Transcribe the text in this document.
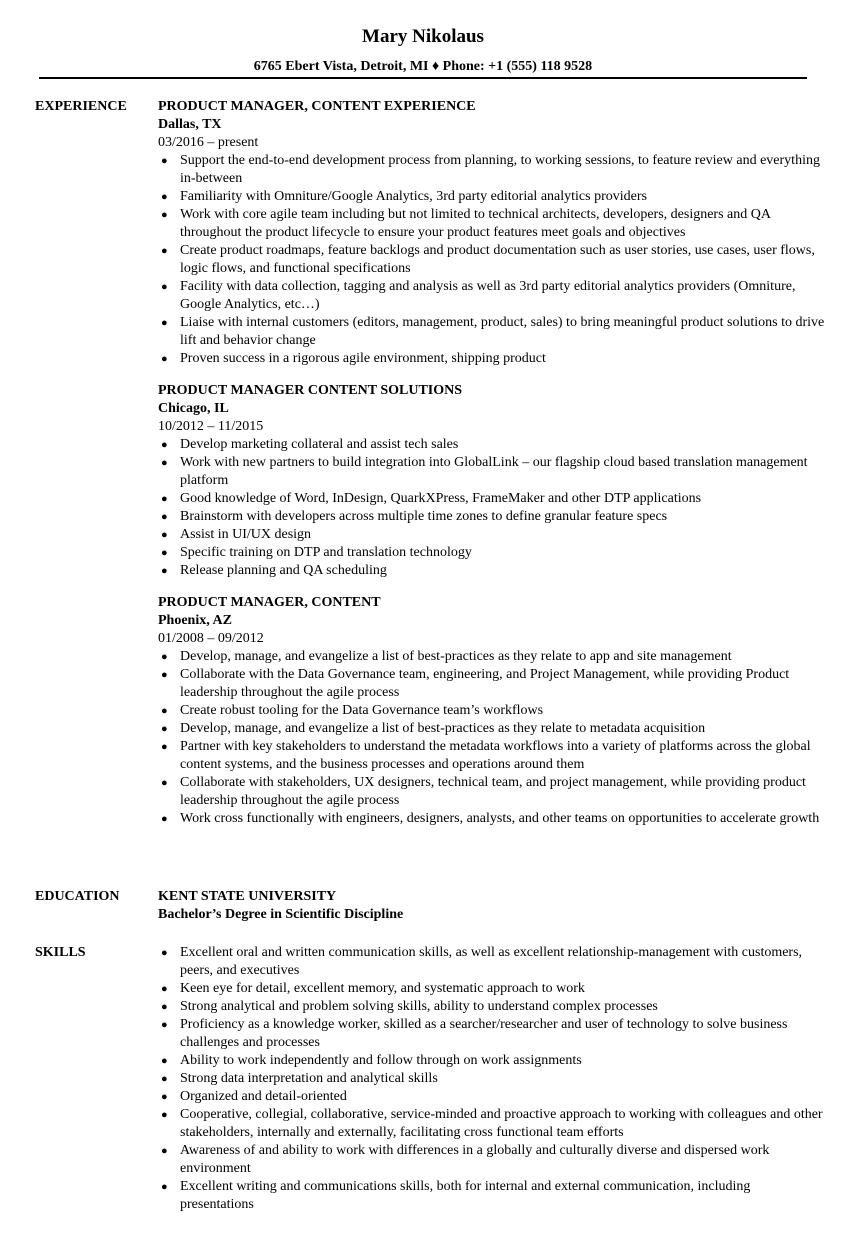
Mary Nikolaus
6765 Ebert Vista, Detroit, MI ♦ Phone: +1 (555) 118 9528
EXPERIENCE	PRODUCT MANAGER, CONTENT EXPERIENCE
Dallas, TX
03/2016 – present
● Support the end-to-end development process from planning, to working sessions, to feature review and everything in-between
● Familiarity with Omniture/Google Analytics, 3rd party editorial analytics providers
● Work with core agile team including but not limited to technical architects, developers, designers and QA throughout the product lifecycle to ensure your product features meet goals and objectives
● Create product roadmaps, feature backlogs and product documentation such as user stories, use cases, user flows, logic flows, and functional specifications
● Facility with data collection, tagging and analysis as well as 3rd party editorial analytics providers (Omniture, Google Analytics, etc…)
● Liaise with internal customers (editors, management, product, sales) to bring meaningful product solutions to drive lift and behavior change
● Proven success in a rigorous agile environment, shipping product
PRODUCT MANAGER CONTENT SOLUTIONS
Chicago, IL
10/2012 – 11/2015
● Develop marketing collateral and assist tech sales
● Work with new partners to build integration into GlobalLink – our flagship cloud based translation management platform
● Good knowledge of Word, InDesign, QuarkXPress, FrameMaker and other DTP applications
● Brainstorm with developers across multiple time zones to define granular feature specs
● Assist in UI/UX design
● Specific training on DTP and translation technology
● Release planning and QA scheduling
PRODUCT MANAGER, CONTENT
Phoenix, AZ
01/2008 – 09/2012
● Develop, manage, and evangelize a list of best-practices as they relate to app and site management
● Collaborate with the Data Governance team, engineering, and Project Management, while providing Product leadership throughout the agile process
● Create robust tooling for the Data Governance team’s workflows
● Develop, manage, and evangelize a list of best-practices as they relate to metadata acquisition
● Partner with key stakeholders to understand the metadata workflows into a variety of platforms across the global content systems, and the business processes and operations around them
● Collaborate with stakeholders, UX designers, technical team, and project management, while providing product leadership throughout the agile process
● Work cross functionally with engineers, designers, analysts, and other teams on opportunities to accelerate growth
EDUCATION	KENT STATE UNIVERSITY
Bachelor’s Degree in Scientific Discipline
SKILLS	● Excellent oral and written communication skills, as well as excellent relationship-management with customers, peers, and executives
● Keen eye for detail, excellent memory, and systematic approach to work
● Strong analytical and problem solving skills, ability to understand complex processes
● Proficiency as a knowledge worker, skilled as a searcher/researcher and user of technology to solve business challenges and processes
● Ability to work independently and follow through on work assignments
● Strong data interpretation and analytical skills
● Organized and detail-oriented
● Cooperative, collegial, collaborative, service-minded and proactive approach to working with colleagues and other stakeholders, internally and externally, facilitating cross functional team efforts
● Awareness of and ability to work with differences in a globally and culturally diverse and dispersed work environment
● Excellent writing and communications skills, both for internal and external communication, including presentations
